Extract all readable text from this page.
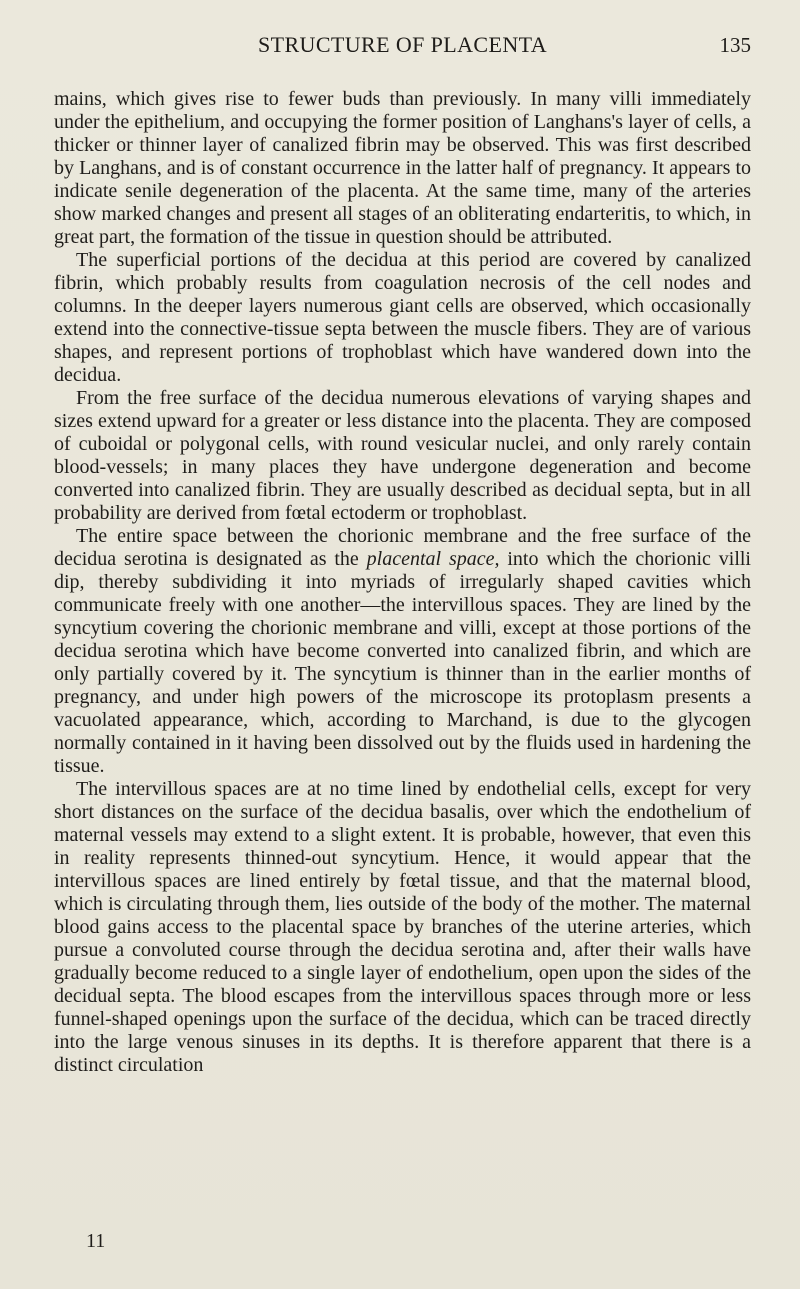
STRUCTURE OF PLACENTA	135

mains, which gives rise to fewer buds than previously. In many villi immediately under the epithelium, and occupying the former position of Langhans's layer of cells, a thicker or thinner layer of canalized fibrin may be observed. This was first described by Langhans, and is of constant occurrence in the latter half of pregnancy. It appears to indicate senile degeneration of the placenta. At the same time, many of the arteries show marked changes and present all stages of an obliterating endarteritis, to which, in great part, the formation of the tissue in question should be attributed.

The superficial portions of the decidua at this period are covered by canalized fibrin, which probably results from coagulation necrosis of the cell nodes and columns. In the deeper layers numerous giant cells are observed, which occasionally extend into the connective-tissue septa between the muscle fibers. They are of various shapes, and represent portions of trophoblast which have wandered down into the decidua.

From the free surface of the decidua numerous elevations of varying shapes and sizes extend upward for a greater or less distance into the placenta. They are composed of cuboidal or polygonal cells, with round vesicular nuclei, and only rarely contain blood-vessels; in many places they have undergone degeneration and become converted into canalized fibrin. They are usually described as decidual septa, but in all probability are derived from fœtal ectoderm or trophoblast.

The entire space between the chorionic membrane and the free surface of the decidua serotina is designated as the placental space, into which the chorionic villi dip, thereby subdividing it into myriads of irregularly shaped cavities which communicate freely with one another—the intervillous spaces. They are lined by the syncytium covering the chorionic membrane and villi, except at those portions of the decidua serotina which have become converted into canalized fibrin, and which are only partially covered by it. The syncytium is thinner than in the earlier months of pregnancy, and under high powers of the microscope its protoplasm presents a vacuolated appearance, which, according to Marchand, is due to the glycogen normally contained in it having been dissolved out by the fluids used in hardening the tissue.

The intervillous spaces are at no time lined by endothelial cells, except for very short distances on the surface of the decidua basalis, over which the endothelium of maternal vessels may extend to a slight extent. It is probable, however, that even this in reality represents thinned-out syncytium. Hence, it would appear that the intervillous spaces are lined entirely by fœtal tissue, and that the maternal blood, which is circulating through them, lies outside of the body of the mother. The maternal blood gains access to the placental space by branches of the uterine arteries, which pursue a convoluted course through the decidua serotina and, after their walls have gradually become reduced to a single layer of endothelium, open upon the sides of the decidual septa. The blood escapes from the intervillous spaces through more or less funnel-shaped openings upon the surface of the decidua, which can be traced directly into the large venous sinuses in its depths. It is therefore apparent that there is a distinct circulation

11
